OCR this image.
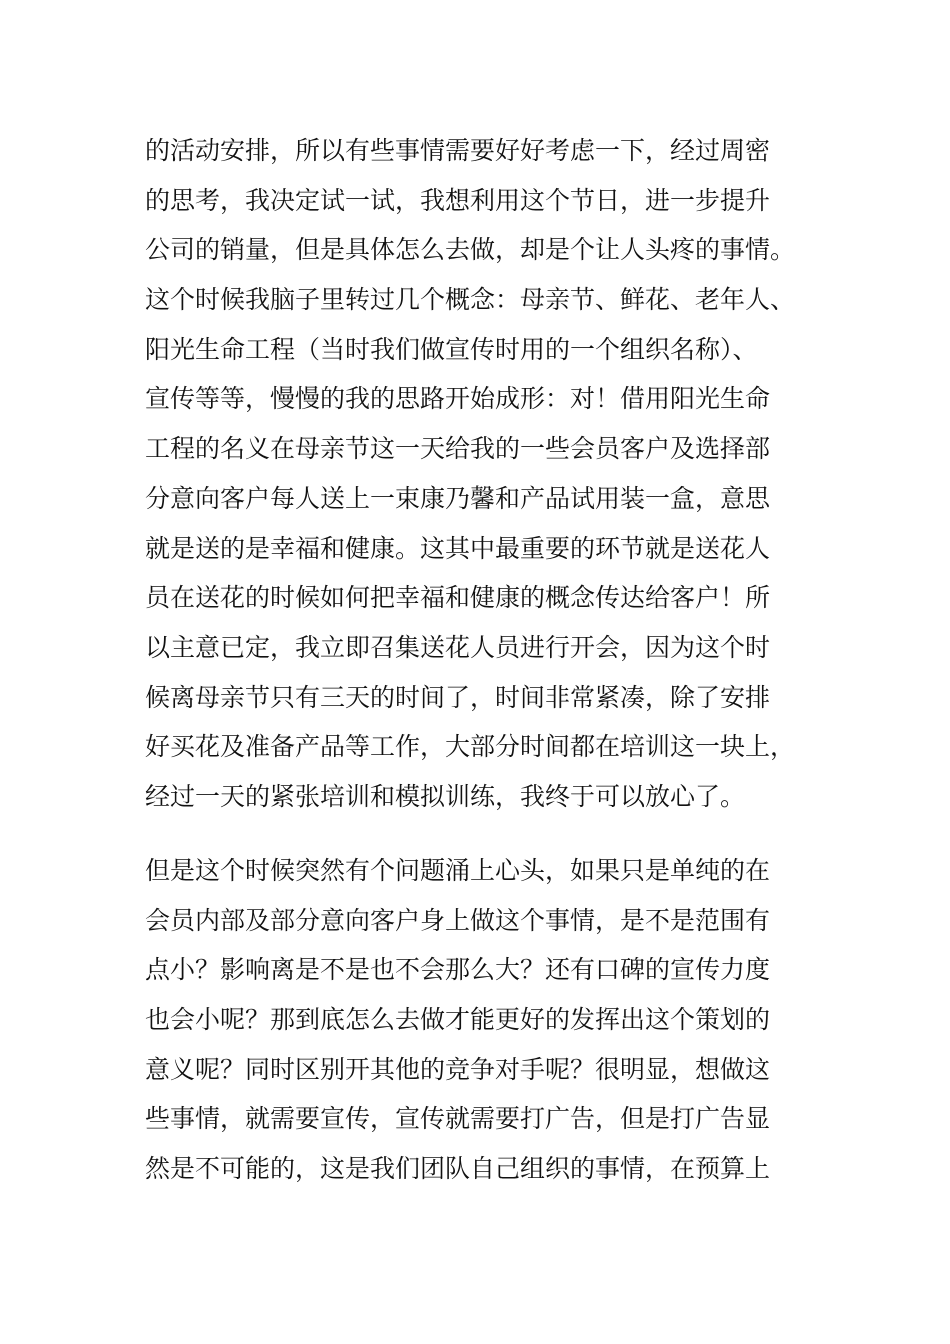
的活动安排，所以有些事情需要好好考虑一下，经过周密
的思考，我决定试一试，我想利用这个节日，进一步提升
公司的销量，但是具体怎么去做，却是个让人头疼的事情。
这个时候我脑子里转过几个概念：母亲节、鲜花、老年人、
阳光生命工程（当时我们做宣传时用的一个组织名称）、
宣传等等，慢慢的我的思路开始成形：对！借用阳光生命
工程的名义在母亲节这一天给我的一些会员客户及选择部
分意向客户每人送上一束康乃馨和产品试用装一盒，意思
就是送的是幸福和健康。这其中最重要的环节就是送花人
员在送花的时候如何把幸福和健康的概念传达给客户！所
以主意已定，我立即召集送花人员进行开会，因为这个时
候离母亲节只有三天的时间了，时间非常紧凑，除了安排
好买花及准备产品等工作，大部分时间都在培训这一块上，
经过一天的紧张培训和模拟训练，我终于可以放心了。
但是这个时候突然有个问题涌上心头，如果只是单纯的在
会员内部及部分意向客户身上做这个事情，是不是范围有
点小？影响离是不是也不会那么大？还有口碑的宣传力度
也会小呢？那到底怎么去做才能更好的发挥出这个策划的
意义呢？同时区别开其他的竞争对手呢？很明显，想做这
些事情，就需要宣传，宣传就需要打广告，但是打广告显
然是不可能的，这是我们团队自己组织的事情，在预算上
